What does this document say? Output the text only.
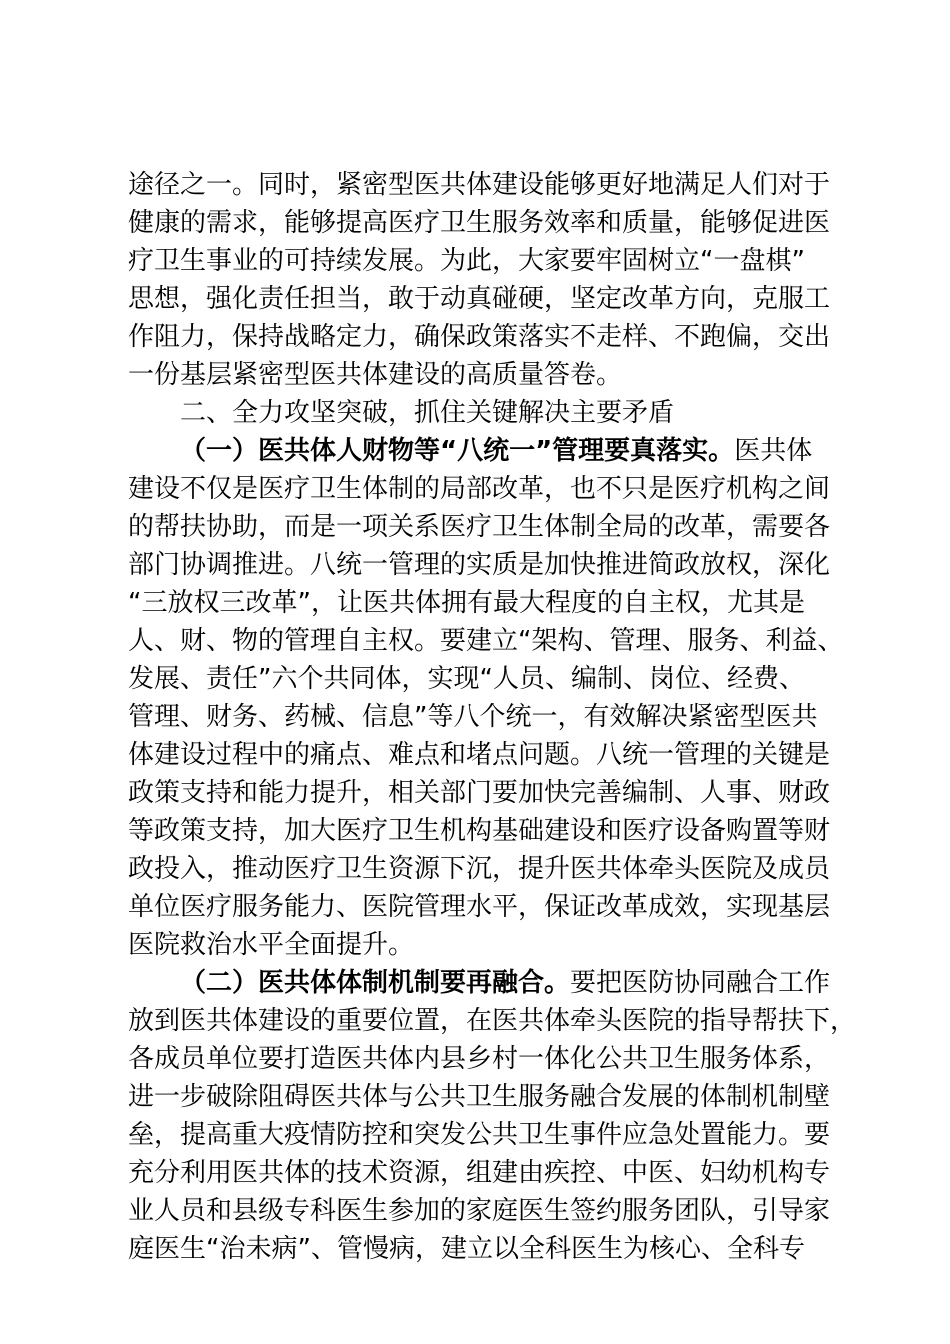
途径之一。同时，紧密型医共体建设能够更好地满足人们对于
健康的需求，能够提高医疗卫生服务效率和质量，能够促进医
疗卫生事业的可持续发展。为此，大家要牢固树立“一盘棋”
思想，强化责任担当，敢于动真碰硬，坚定改革方向，克服工
作阻力，保持战略定力，确保政策落实不走样、不跑偏，交出
一份基层紧密型医共体建设的高质量答卷。
二、全力攻坚突破，抓住关键解决主要矛盾
（一）医共体人财物等“八统一”管理要真落实。医共体
建设不仅是医疗卫生体制的局部改革，也不只是医疗机构之间
的帮扶协助，而是一项关系医疗卫生体制全局的改革，需要各
部门协调推进。八统一管理的实质是加快推进简政放权，深化
“三放权三改革”，让医共体拥有最大程度的自主权，尤其是
人、财、物的管理自主权。要建立“架构、管理、服务、利益、
发展、责任”六个共同体，实现“人员、编制、岗位、经费、
管理、财务、药械、信息”等八个统一，有效解决紧密型医共
体建设过程中的痛点、难点和堵点问题。八统一管理的关键是
政策支持和能力提升，相关部门要加快完善编制、人事、财政
等政策支持，加大医疗卫生机构基础建设和医疗设备购置等财
政投入，推动医疗卫生资源下沉，提升医共体牵头医院及成员
单位医疗服务能力、医院管理水平，保证改革成效，实现基层
医院救治水平全面提升。
（二）医共体体制机制要再融合。要把医防协同融合工作
放到医共体建设的重要位置，在医共体牵头医院的指导帮扶下，
各成员单位要打造医共体内县乡村一体化公共卫生服务体系，
进一步破除阻碍医共体与公共卫生服务融合发展的体制机制壁
垒，提高重大疫情防控和突发公共卫生事件应急处置能力。要
充分利用医共体的技术资源，组建由疾控、中医、妇幼机构专
业人员和县级专科医生参加的家庭医生签约服务团队，引导家
庭医生“治未病”、管慢病，建立以全科医生为核心、全科专
